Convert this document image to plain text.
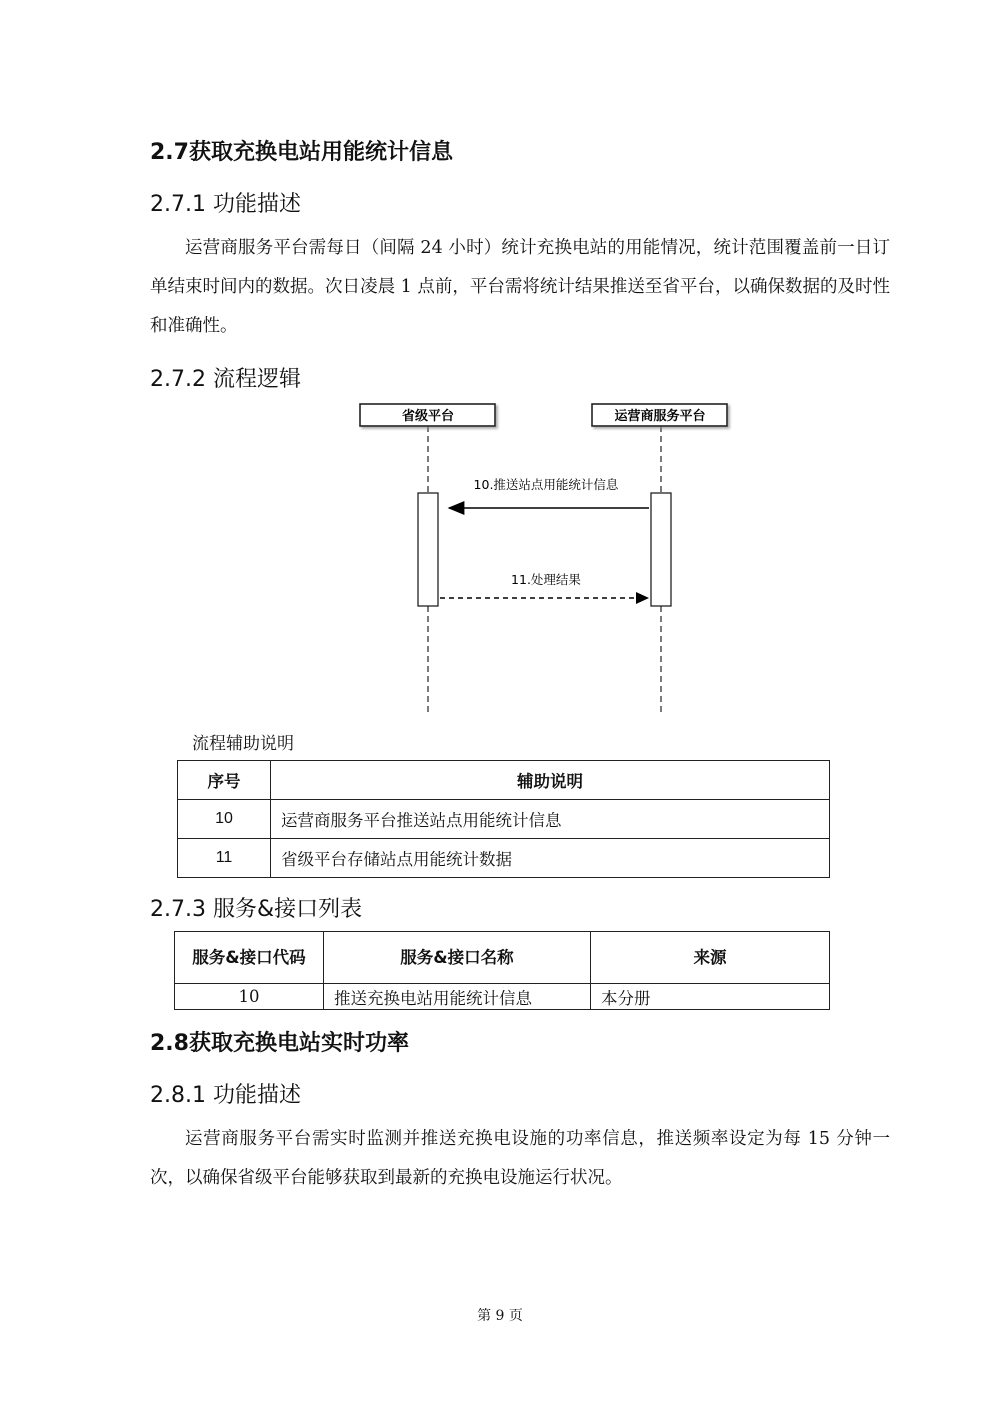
2.7获取充换电站用能统计信息
2.7.1 功能描述
运营商服务平台需每日（间隔 24 小时）统计充换电站的用能情况，统计范围覆盖前一日订单结束时间内的数据。次日凌晨 1 点前，平台需将统计结果推送至省平台，以确保数据的及时性和准确性。
2.7.2 流程逻辑
省级平台	运营商服务平台
10.推送站点用能统计信息
11.处理结果
流程辅助说明
序号	辅助说明
10	运营商服务平台推送站点用能统计信息
11	省级平台存储站点用能统计数据
2.7.3 服务&接口列表
服务&接口代码	服务&接口名称	来源
10	推送充换电站用能统计信息	本分册
2.8获取充换电站实时功率
2.8.1 功能描述
运营商服务平台需实时监测并推送充换电设施的功率信息，推送频率设定为每 15 分钟一次，以确保省级平台能够获取到最新的充换电设施运行状况。
第 9 页
